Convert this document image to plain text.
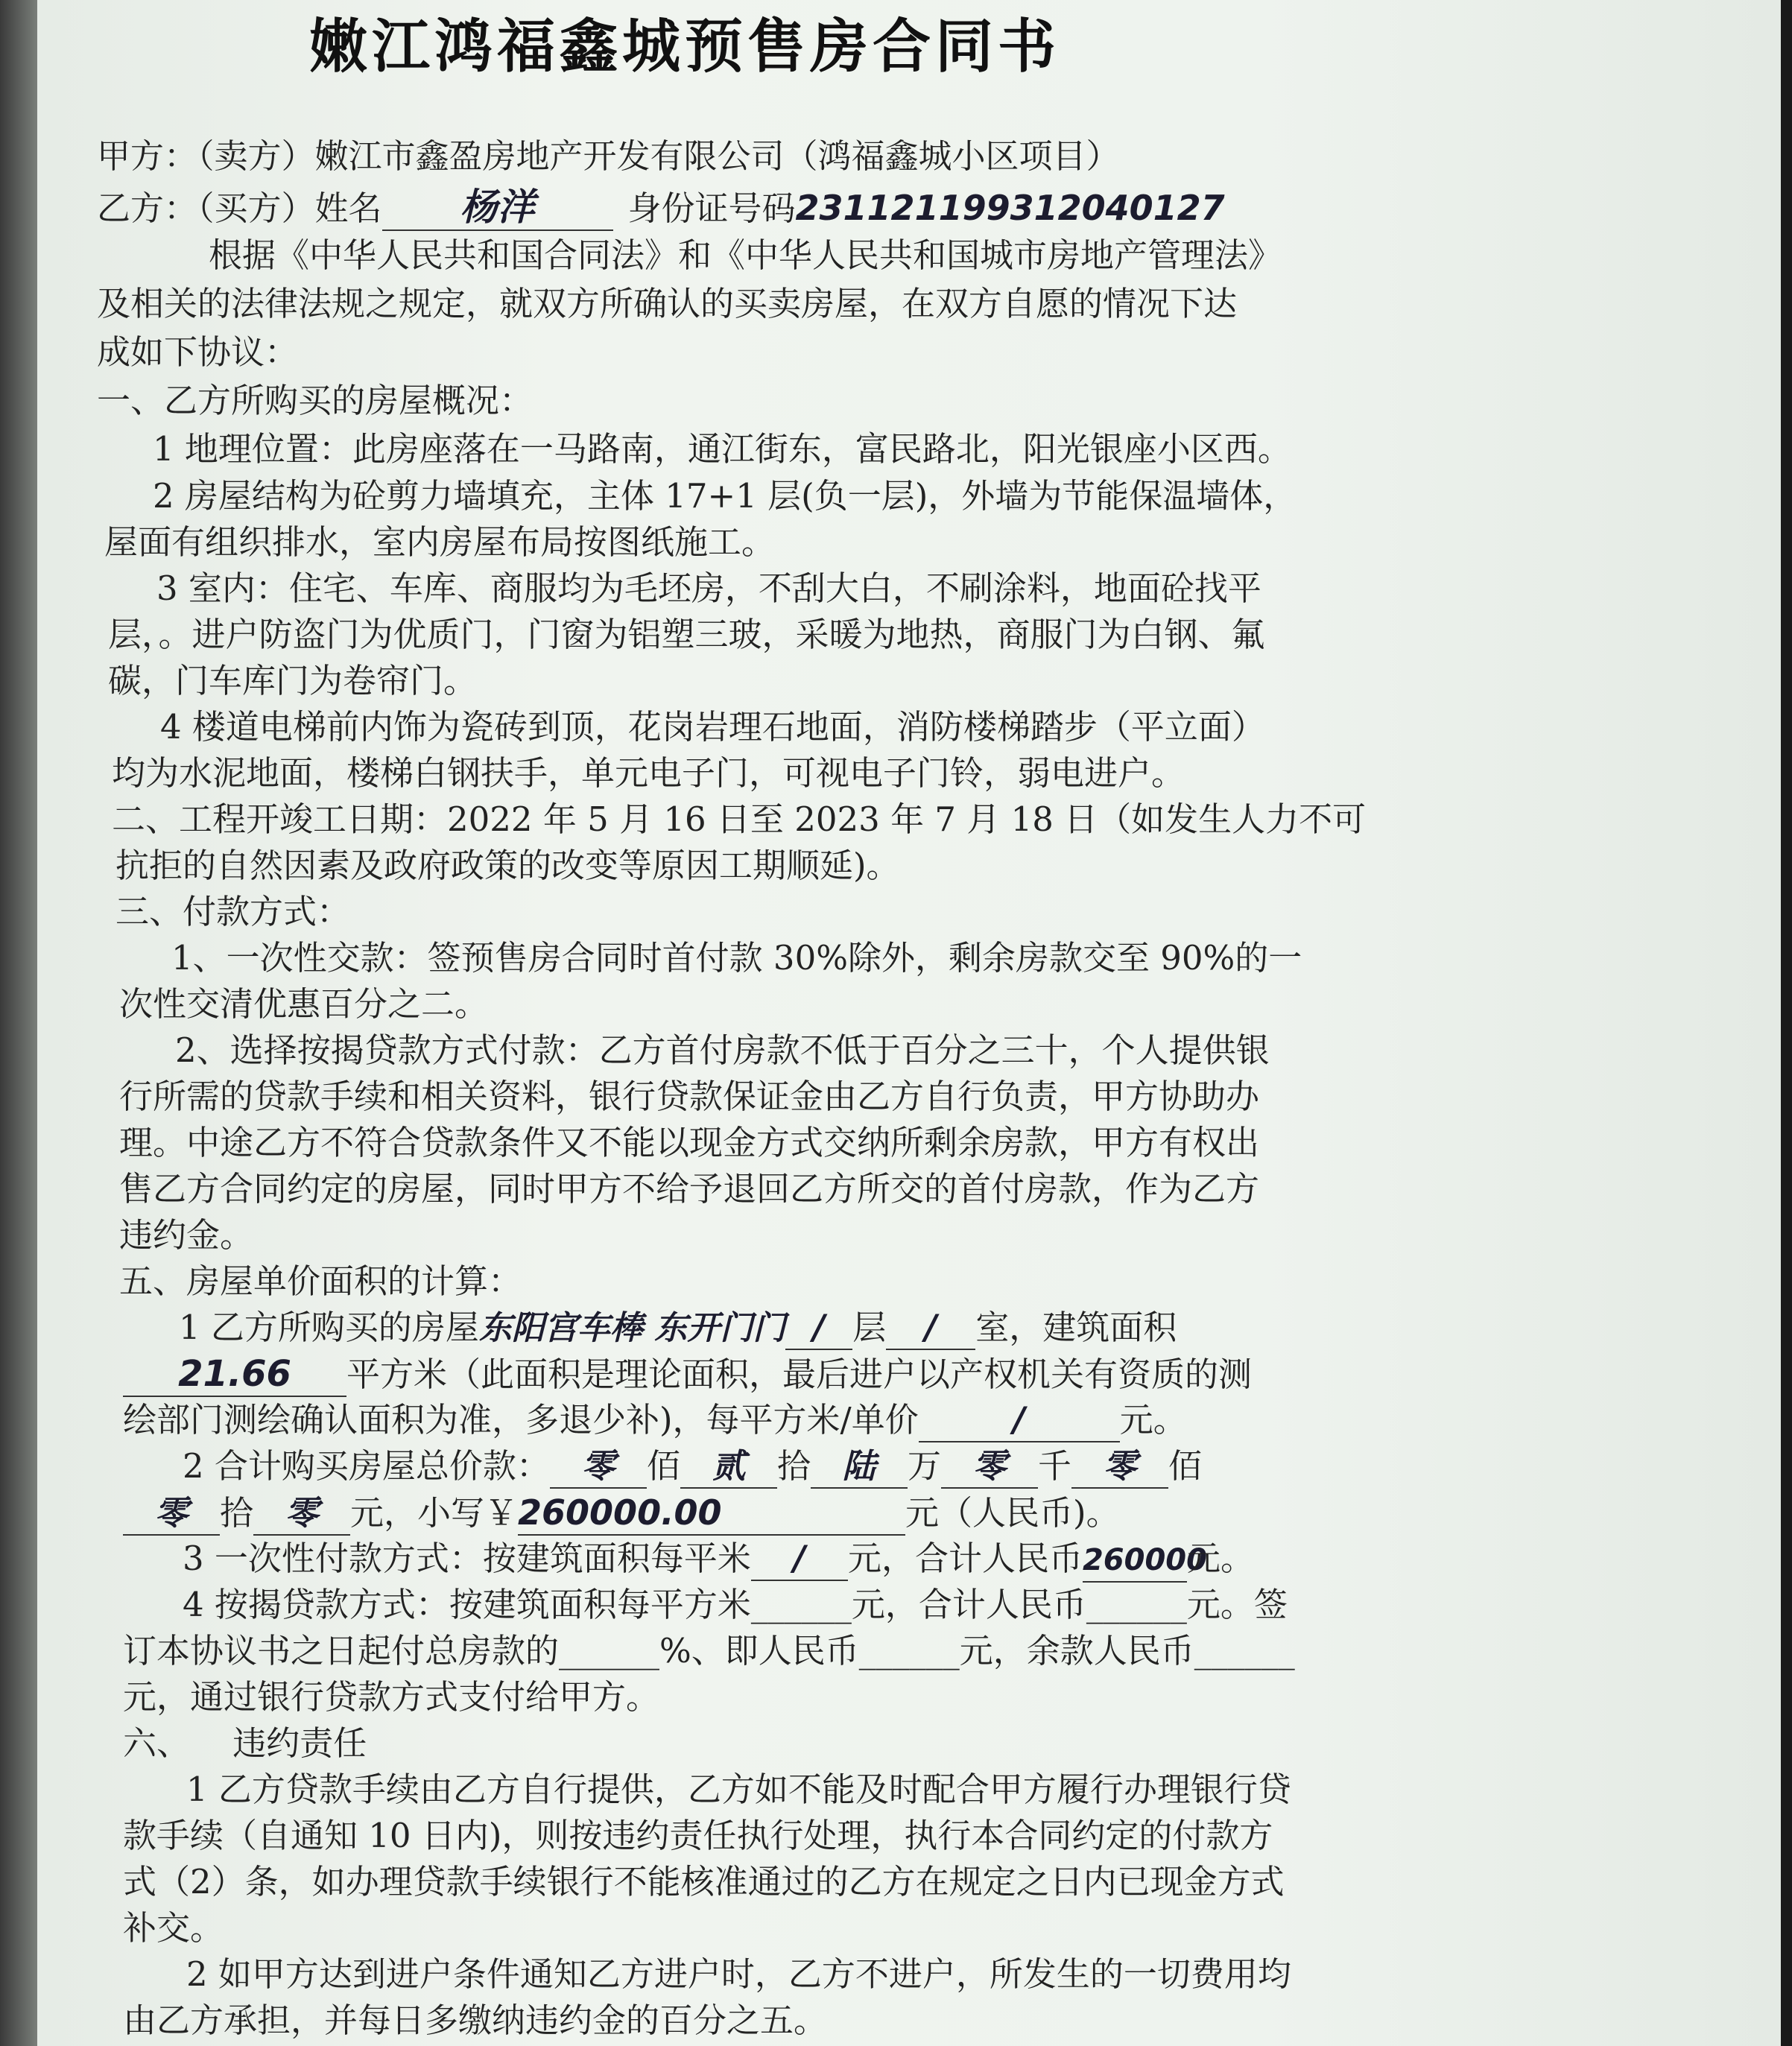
嫩江鸿福鑫城预售房合同书
甲方：（卖方）嫩江市鑫盈房地产开发有限公司（鸿福鑫城小区项目）
乙方：（买方）姓名 杨洋	身份证号码231121199312040127
根据《中华人民共和国合同法》和《中华人民共和国城市房地产管理法》
及相关的法律法规之规定，就双方所确认的买卖房屋，在双方自愿的情况下达
成如下协议：
一、乙方所购买的房屋概况：
1 地理位置：此房座落在一马路南，通江街东，富民路北，阳光银座小区西。
2 房屋结构为砼剪力墙填充，主体 17+1 层(负一层)，外墙为节能保温墙体，
屋面有组织排水，室内房屋布局按图纸施工。
3 室内：住宅、车库、商服均为毛坯房，不刮大白，不刷涂料，地面砼找平
层，。进户防盗门为优质门，门窗为铝塑三玻，采暖为地热，商服门为白钢、氟
碳，门车库门为卷帘门。
4 楼道电梯前内饰为瓷砖到顶，花岗岩理石地面，消防楼梯踏步（平立面）
均为水泥地面，楼梯白钢扶手，单元电子门，可视电子门铃，弱电进户。
二、工程开竣工日期：2022 年 5 月 16 日至 2023 年 7 月 18 日（如发生人力不可
抗拒的自然因素及政府政策的改变等原因工期顺延)。
三、付款方式：
1、一次性交款：签预售房合同时首付款 30%除外，剩余房款交至 90%的一
次性交清优惠百分之二。
2、选择按揭贷款方式付款：乙方首付房款不低于百分之三十，个人提供银
行所需的贷款手续和相关资料，银行贷款保证金由乙方自行负责，甲方协助办
理。中途乙方不符合贷款条件又不能以现金方式交纳所剩余房款，甲方有权出
售乙方合同约定的房屋，同时甲方不给予退回乙方所交的首付房款，作为乙方
违约金。
五、房屋单价面积的计算：
1 乙方所购买的房屋东阳宫车棒 东开门门 / 层 / 室，建筑面积
21.66 平方米（此面积是理论面积，最后进户以产权机关有资质的测
绘部门测绘确认面积为准，多退少补)，每平方米/单价	/	元。
2 合计购买房屋总价款： 零 佰 贰 拾 陆 万 零 千 零 佰
零 拾 零 元，小写￥260000.00	元（人民币)。
3 一次性付款方式：按建筑面积每平米 / 元，合计人民币260000元。
4 按揭贷款方式：按建筑面积每平方米______元，合计人民币______元。签
订本协议书之日起付总房款的______%、即人民币______元，余款人民币______
元，通过银行贷款方式支付给甲方。
六、    违约责任
1 乙方贷款手续由乙方自行提供，乙方如不能及时配合甲方履行办理银行贷
款手续（自通知 10 日内)，则按违约责任执行处理，执行本合同约定的付款方
式（2）条，如办理贷款手续银行不能核准通过的乙方在规定之日内已现金方式
补交。
2 如甲方达到进户条件通知乙方进户时，乙方不进户，所发生的一切费用均
由乙方承担，并每日多缴纳违约金的百分之五。
